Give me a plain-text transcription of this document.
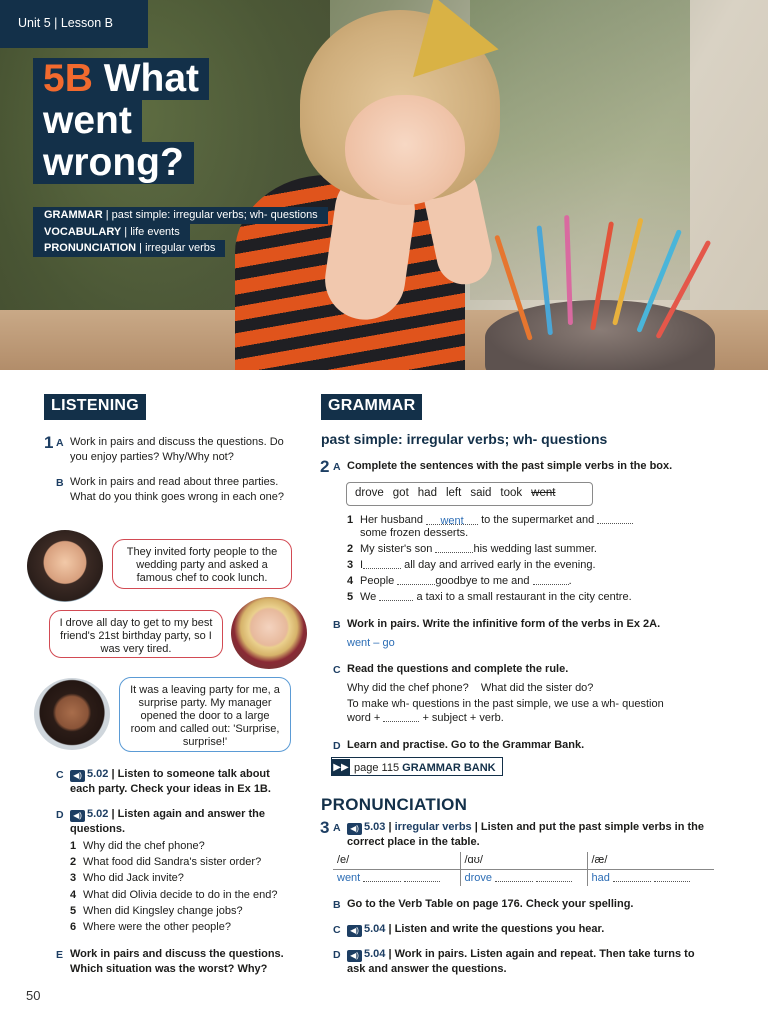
Unit 5 | Lesson B
5B What
went
wrong?
GRAMMAR | past simple: irregular verbs; wh- questions
VOCABULARY | life events
PRONUNCIATION | irregular verbs
LISTENING
1 A Work in pairs and discuss the questions. Do you enjoy parties? Why/Why not?
B Work in pairs and read about three parties. What do you think goes wrong in each one?
They invited forty people to the wedding party and asked a famous chef to cook lunch.
I drove all day to get to my best friend's 21st birthday party, so I was very tired.
It was a leaving party for me, a surprise party. My manager opened the door to a large room and called out: 'Surprise, surprise!'
C	◀) 5.02 | Listen to someone talk about each party. Check your ideas in Ex 1B.
D	◀) 5.02 | Listen again and answer the questions.
1 Why did the chef phone?
2 What food did Sandra's sister order?
3 Who did Jack invite?
4 What did Olivia decide to do in the end?
5 When did Kingsley change jobs?
6 Where were the other people?
E Work in pairs and discuss the questions. Which situation was the worst? Why?
GRAMMAR
past simple: irregular verbs; wh- questions
2 A Complete the sentences with the past simple verbs in the box.
drove got had left said took went
1 Her husband went to the supermarket and
some frozen desserts.
2 My sister's son	his wedding last summer.
3 I	all day and arrived early in the evening.
4 People	goodbye to me and	.
5 We	a taxi to a small restaurant in the city centre.
B Work in pairs. Write the infinitive form of the verbs in Ex 2A.
went – go
C Read the questions and complete the rule.
Why did the chef phone?    What did the sister do?
To make wh- questions in the past simple, we use a wh- question
word +	+ subject + verb.
D Learn and practise. Go to the Grammar Bank.
▶▶ page 115
GRAMMAR BANK
PRONUNCIATION
3 A	◀) 5.03 | irregular verbs | Listen and put the past simple verbs in the correct place in the table.
/e/	/ɑʊ/	/æ/
went	drove	had
B Go to the Verb Table on page 176. Check your spelling.
C	◀) 5.04 | Listen and write the questions you hear.
D	◀) 5.04 | Work in pairs. Listen again and repeat. Then take turns to ask and answer the questions.
50
